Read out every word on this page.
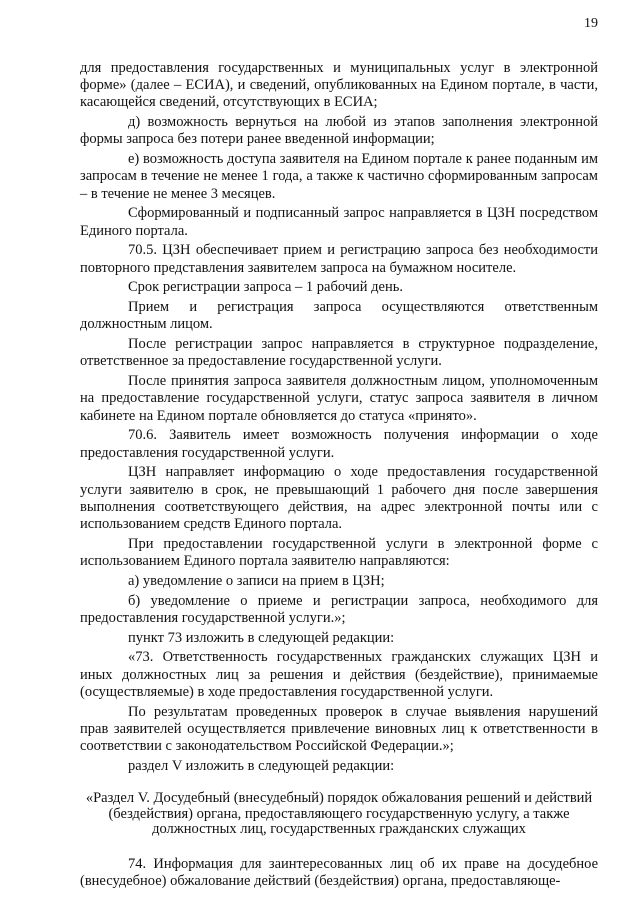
19

для предоставления государственных и муниципальных услуг в электронной форме» (далее – ЕСИА), и сведений, опубликованных на Едином портале, в части, касающейся сведений, отсутствующих в ЕСИА;

д) возможность вернуться на любой из этапов заполнения электронной формы запроса без потери ранее введенной информации;

е) возможность доступа заявителя на Едином портале к ранее поданным им запросам в течение не менее 1 года, а также к частично сформированным запросам – в течение не менее 3 месяцев.

Сформированный и подписанный запрос направляется в ЦЗН посредством Единого портала.

70.5. ЦЗН обеспечивает прием и регистрацию запроса без необходимости повторного представления заявителем запроса на бумажном носителе.

Срок регистрации запроса – 1 рабочий день.

Прием и регистрация запроса осуществляются ответственным должностным лицом.

После регистрации запрос направляется в структурное подразделение, ответственное за предоставление государственной услуги.

После принятия запроса заявителя должностным лицом, уполномоченным на предоставление государственной услуги, статус запроса заявителя в личном кабинете на Едином портале обновляется до статуса «принято».

70.6. Заявитель имеет возможность получения информации о ходе предоставления государственной услуги.

ЦЗН направляет информацию о ходе предоставления государственной услуги заявителю в срок, не превышающий 1 рабочего дня после завершения выполнения соответствующего действия, на адрес электронной почты или с использованием средств Единого портала.

При предоставлении государственной услуги в электронной форме с использованием Единого портала заявителю направляются:

а) уведомление о записи на прием в ЦЗН;

б) уведомление о приеме и регистрации запроса, необходимого для предоставления государственной услуги.»;

пункт 73 изложить в следующей редакции:

«73. Ответственность государственных гражданских служащих ЦЗН и иных должностных лиц за решения и действия (бездействие), принимаемые (осуществляемые) в ходе предоставления государственной услуги.

По результатам проведенных проверок в случае выявления нарушений прав заявителей осуществляется привлечение виновных лиц к ответственности в соответствии с законодательством Российской Федерации.»;

раздел V изложить в следующей редакции:

«Раздел V. Досудебный (внесудебный) порядок обжалования решений и действий (бездействия) органа, предоставляющего государственную услугу, а также должностных лиц, государственных гражданских служащих

74. Информация для заинтересованных лиц об их праве на досудебное (внесудебное) обжалование действий (бездействия) органа, предоставляюще-
